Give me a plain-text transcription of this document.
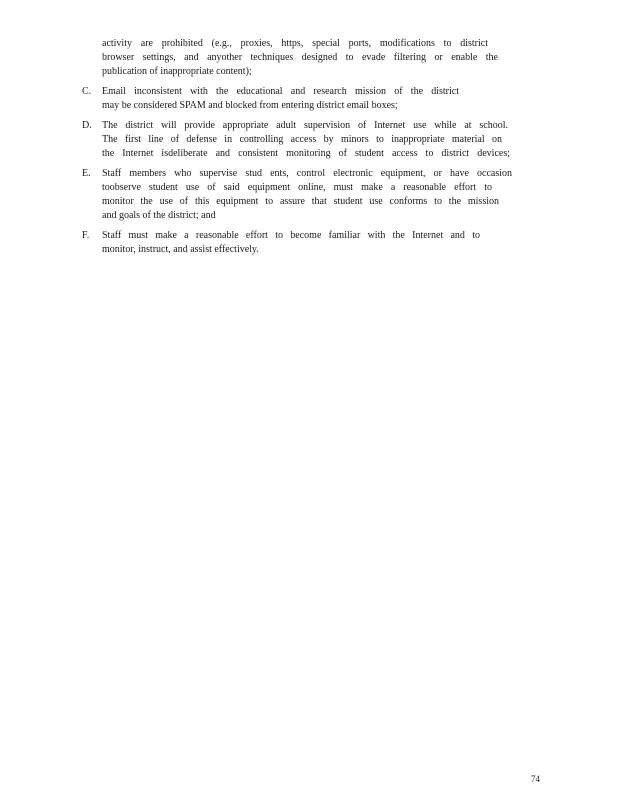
activity are prohibited (e.g., proxies, https, special ports, modifications to district
browser settings, and anyother techniques designed to evade filtering or enable the
publication of inappropriate content);
C. Email inconsistent with the educational and research mission of the district
may be considered SPAM and blocked from entering district email boxes;
D. The district will provide appropriate adult supervision of Internet use while at school.
The first line of defense in controlling access by minors to inappropriate material on
the Internet isdeliberate and consistent monitoring of student access to district devices;
E. Staff members who supervise stud ents, control electronic equipment, or have occasion
toobserve student use of said equipment online, must make a reasonable effort to
monitor the use of this equipment to assure that student use conforms to the mission
and goals of the district; and
F. Staff must make a reasonable effort to become familiar with the Internet and to
monitor, instruct, and assist effectively.
74
